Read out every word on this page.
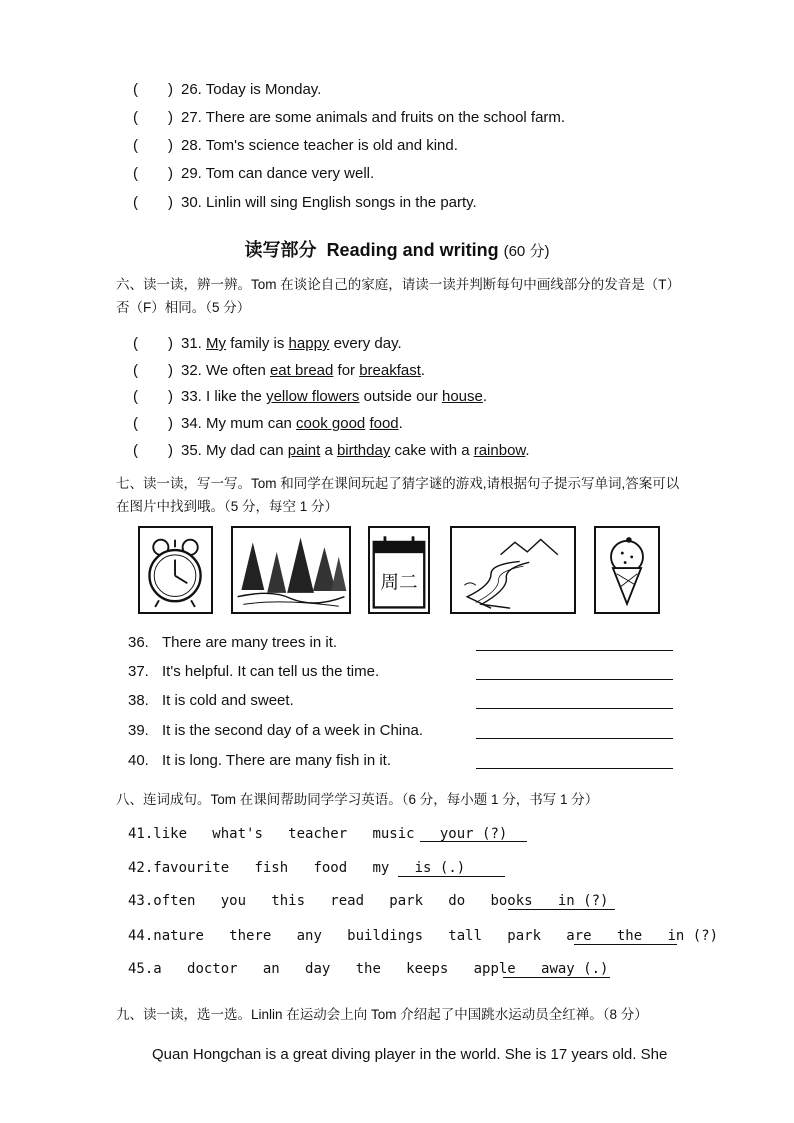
(　　) 26. Today is Monday.
(　　) 27. There are some animals and fruits on the school farm.
(　　) 28. Tom's science teacher is old and kind.
(　　) 29. Tom can dance very well.
(　　) 30. Linlin will sing English songs in the party.
读写部分 Reading and writing (60 分)
六、读一读，辨一辨。Tom 在谈论自己的家庭，请读一读并判断每句中画线部分的发音是（T）否（F）相同。（5 分）
(　　) 31. My family is happy every day.
(　　) 32. We often eat bread for breakfast.
(　　) 33. I like the yellow flowers outside our house.
(　　) 34. My mum can cook good food.
(　　) 35. My dad can paint a birthday cake with a rainbow.
七、读一读，写一写。Tom 和同学在课间玩起了猜字谜的游戏,请根据句子提示写单词,答案可以在图片中找到哦。（5 分，每空 1 分）
周二
36. There are many trees in it.
37. It's helpful. It can tell us the time.
38. It is cold and sweet.
39. It is the second day of a week in China.
40. It is long. There are many fish in it.
八、连词成句。Tom 在课间帮助同学学习英语。（6 分，每小题 1 分，书写 1 分）
41.like   what's   teacher   music   your (?)
42.favourite   fish   food   my   is (.)
43.often   you   this   read   park   do   books   in (?)
44.nature   there   any   buildings   tall   park   are   the   in (?)
45.a   doctor   an   day   the   keeps   apple   away (.)
九、读一读，选一选。Linlin 在运动会上向 Tom 介绍起了中国跳水运动员全红禅。（8 分）
Quan Hongchan is a great diving player in the world. She is 17 years old. She
